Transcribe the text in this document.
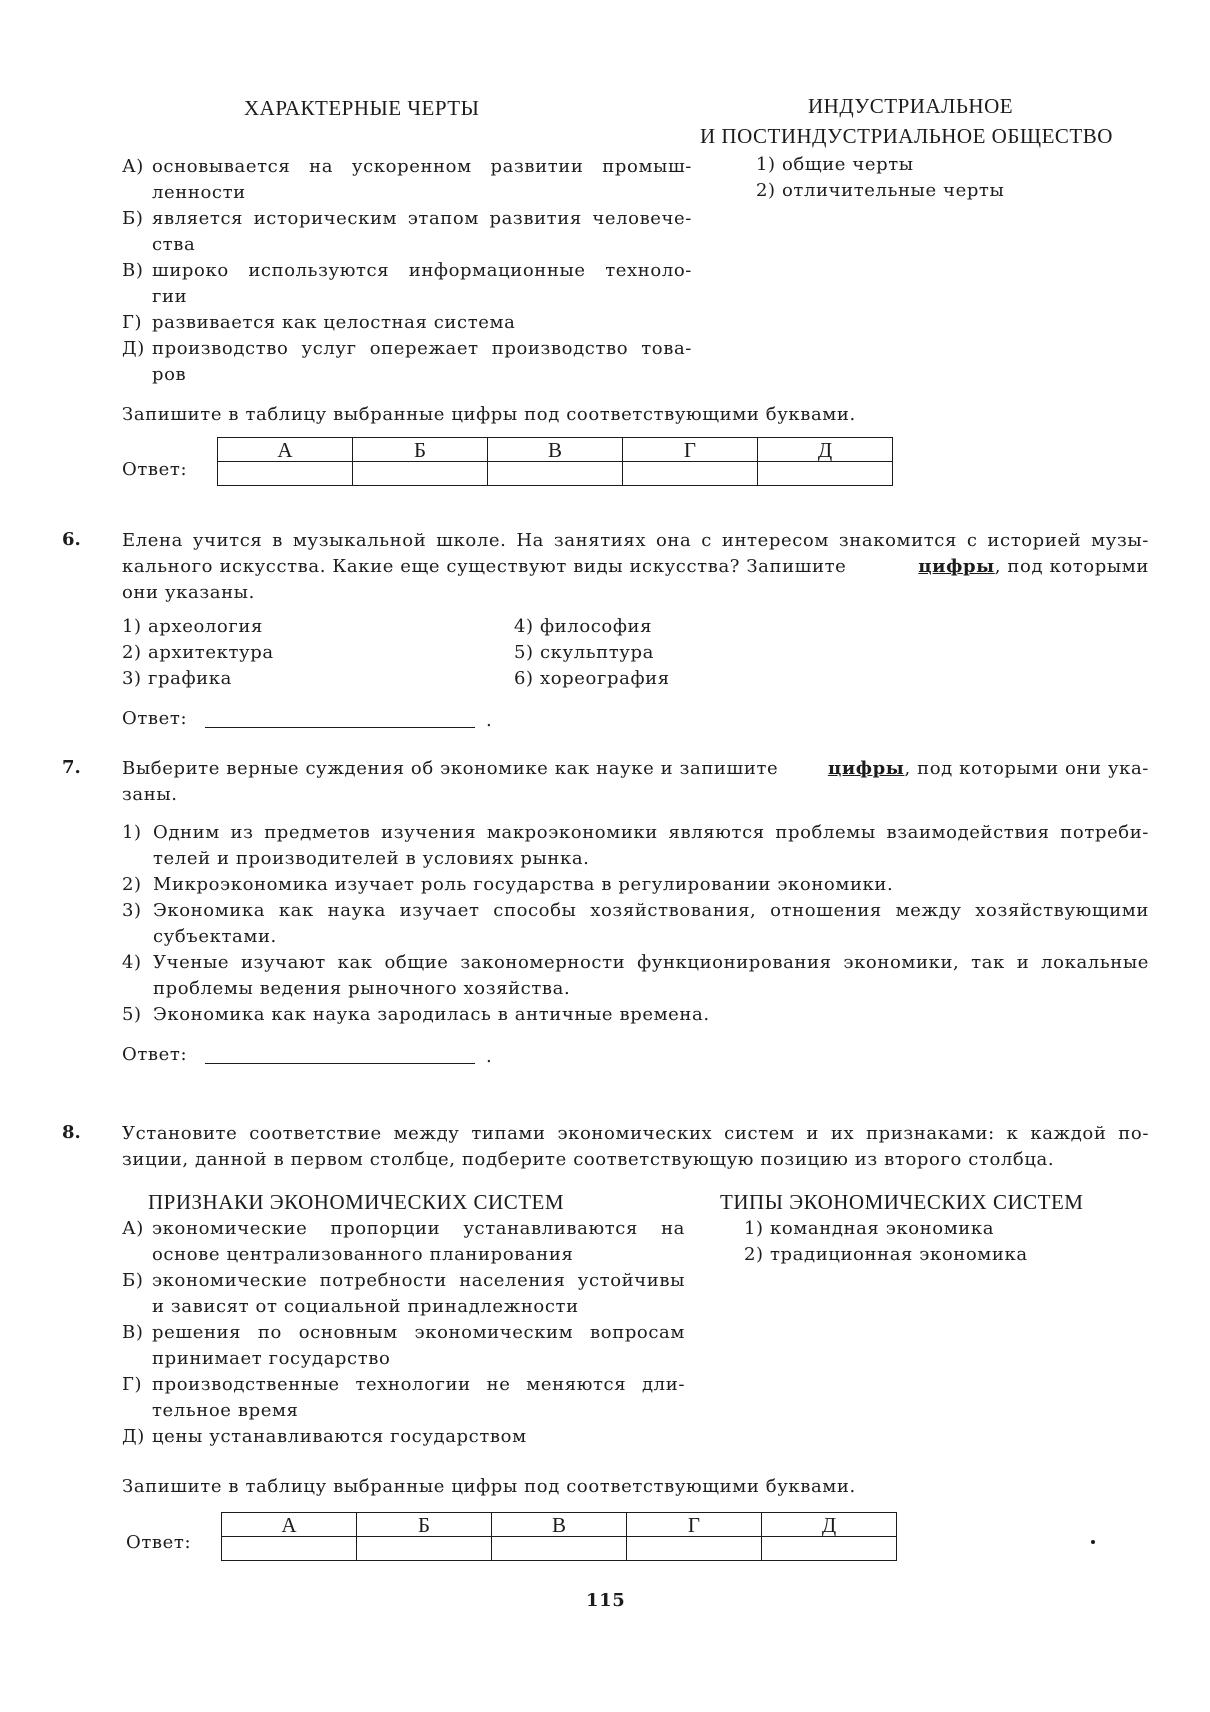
ХАРАКТЕРНЫЕ ЧЕРТЫ	ИНДУСТРИАЛЬНОЕ
И ПОСТИНДУСТРИАЛЬНОЕ ОБЩЕСТВО
А) основывается на ускоренном развитии промыш-
ленности
Б) является историческим этапом развития человече-
ства
В) широко используются информационные техноло-
гии
Г) развивается как целостная система
Д) производство услуг опережает производство това-
ров
1) общие черты
2) отличительные черты
Запишите в таблицу выбранные цифры под соответствующими буквами.
Ответ:
А	Б	В	Г	Д

6. Елена учится в музыкальной школе. На занятиях она с интересом знакомится с историей музы-
кального искусства. Какие еще существуют виды искусства? Запишите	цифры, под которыми
они указаны.
1) археология
2) архитектура
3) графика
4) философия
5) скульптура
6) хореография
Ответ:	.
7. Выберите верные суждения об экономике как науке и запишите	цифры, под которыми они ука-
заны.
1) Одним из предметов изучения макроэкономики являются проблемы взаимодействия потреби-
телей и производителей в условиях рынка.
2) Микроэкономика изучает роль государства в регулировании экономики.
3) Экономика как наука изучает способы хозяйствования, отношения между хозяйствующими
субъектами.
4) Ученые изучают как общие закономерности функционирования экономики, так и локальные
проблемы ведения рыночного хозяйства.
5) Экономика как наука зародилась в античные времена.
Ответ:	.
8. Установите соответствие между типами экономических систем и их признаками: к каждой по-
зиции, данной в первом столбце, подберите соответствующую позицию из второго столбца.
ПРИЗНАКИ ЭКОНОМИЧЕСКИХ СИСТЕМ	ТИПЫ ЭКОНОМИЧЕСКИХ СИСТЕМ
А) экономические пропорции устанавливаются на
основе централизованного планирования
Б) экономические потребности населения устойчивы
и зависят от социальной принадлежности
В) решения по основным экономическим вопросам
принимает государство
Г) производственные технологии не меняются дли-
тельное время
Д) цены устанавливаются государством
1) командная экономика
2) традиционная экономика
Запишите в таблицу выбранные цифры под соответствующими буквами.
Ответ:
А	Б	В	Г	Д

115
